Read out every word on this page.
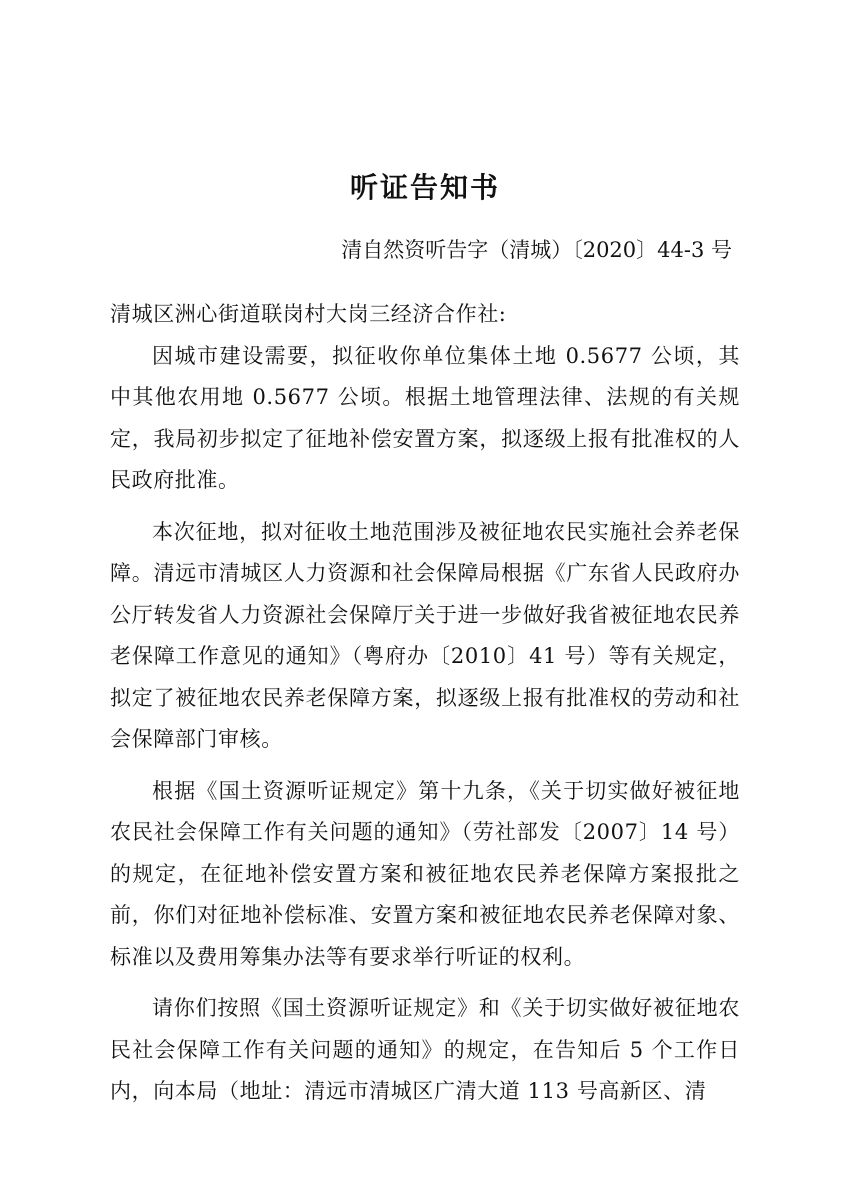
听证告知书
清自然资听告字（清城）〔2020〕44-3 号

清城区洲心街道联岗村大岗三经济合作社:

因城市建设需要，拟征收你单位集体土地 0.5677 公顷，其中其他农用地 0.5677 公顷。根据土地管理法律、法规的有关规定，我局初步拟定了征地补偿安置方案，拟逐级上报有批准权的人民政府批准。

本次征地，拟对征收土地范围涉及被征地农民实施社会养老保障。清远市清城区人力资源和社会保障局根据《广东省人民政府办公厅转发省人力资源社会保障厅关于进一步做好我省被征地农民养老保障工作意见的通知》（粤府办〔2010〕41 号）等有关规定，拟定了被征地农民养老保障方案，拟逐级上报有批准权的劳动和社会保障部门审核。

根据《国土资源听证规定》第十九条，《关于切实做好被征地农民社会保障工作有关问题的通知》（劳社部发〔2007〕14 号）的规定，在征地补偿安置方案和被征地农民养老保障方案报批之前，你们对征地补偿标准、安置方案和被征地农民养老保障对象、标准以及费用筹集办法等有要求举行听证的权利。

请你们按照《国土资源听证规定》和《关于切实做好被征地农民社会保障工作有关问题的通知》的规定，在告知后 5 个工作日内，向本局（地址：清远市清城区广清大道 113 号高新区、清
